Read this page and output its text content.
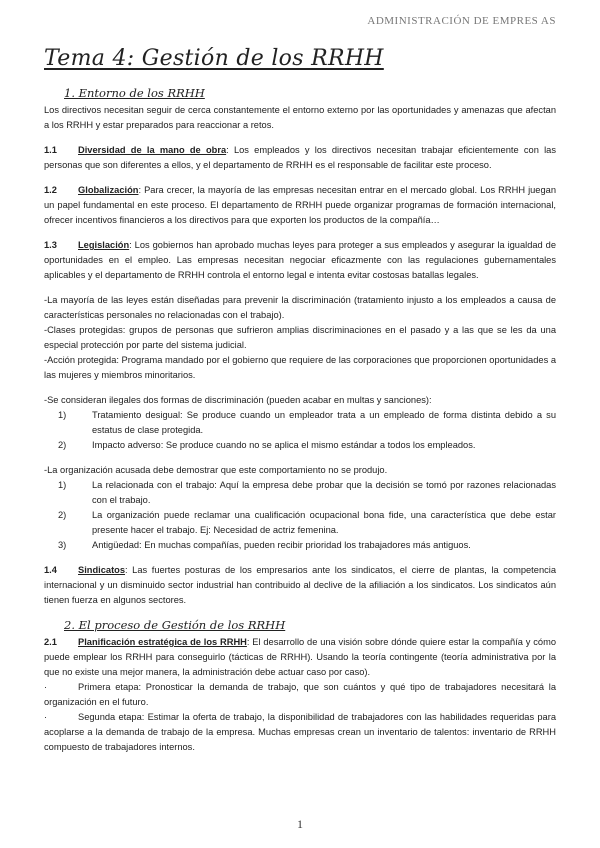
ADMINISTRACIÓN DE EMPRES AS
Tema 4: Gestión de los RRHH
1. Entorno de los RRHH

Los directivos necesitan seguir de cerca constantemente el entorno externo por las oportunidades y amenazas que afectan a los RRHH y estar preparados para reaccionar a retos.

1.1 Diversidad de la mano de obra: Los empleados y los directivos necesitan trabajar eficientemente con las personas que son diferentes a ellos, y el departamento de RRHH es el responsable de facilitar este proceso.

1.2 Globalización: Para crecer, la mayoría de las empresas necesitan entrar en el mercado global. Los RRHH juegan un papel fundamental en este proceso. El departamento de RRHH puede organizar programas de formación internacional, ofrecer incentivos financieros a los directivos para que exporten los productos de la compañía…

1.3 Legislación: Los gobiernos han aprobado muchas leyes para proteger a sus empleados y asegurar la igualdad de oportunidades en el empleo. Las empresas necesitan negociar eficazmente con las regulaciones gubernamentales aplicables y el departamento de RRHH controla el entorno legal e intenta evitar costosas batallas legales.

-La mayoría de las leyes están diseñadas para prevenir la discriminación (tratamiento injusto a los empleados a causa de características personales no relacionadas con el trabajo).

-Clases protegidas: grupos de personas que sufrieron amplias discriminaciones en el pasado y a las que se les da una especial protección por parte del sistema judicial.

-Acción protegida: Programa mandado por el gobierno que requiere de las corporaciones que proporcionen oportunidades a las mujeres y miembros minoritarios.

-Se consideran ilegales dos formas de discriminación (pueden acabar en multas y sanciones):

1)	Tratamiento desigual: Se produce cuando un empleador trata a un empleado de forma distinta debido a su estatus de clase protegida.
2)	Impacto adverso: Se produce cuando no se aplica el mismo estándar a todos los empleados.

-La organización acusada debe demostrar que este comportamiento no se produjo.

1)	La relacionada con el trabajo: Aquí la empresa debe probar que la decisión se tomó por razones relacionadas con el trabajo.
2)	La organización puede reclamar una cualificación ocupacional bona fide, una característica que debe estar presente hacer el trabajo. Ej: Necesidad de actriz femenina.
3)	Antigüedad: En muchas compañías, pueden recibir prioridad los trabajadores más antiguos.

1.4 Sindicatos: Las fuertes posturas de los empresarios ante los sindicatos, el cierre de plantas, la competencia internacional y un disminuido sector industrial han contribuido al declive de la afiliación a los sindicatos. Los sindicatos aún tienen fuerza en algunos sectores.

2. El proceso de Gestión de los RRHH

2.1 Planificación estratégica de los RRHH: El desarrollo de una visión sobre dónde quiere estar la compañía y cómo puede emplear los RRHH para conseguirlo (tácticas de RRHH). Usando la teoría contingente (teoría administrativa por la que no existe una mejor manera, la administración debe actuar caso por caso).

·	Primera etapa: Pronosticar la demanda de trabajo, que son cuántos y qué tipo de trabajadores necesitará la organización en el futuro.

·	Segunda etapa: Estimar la oferta de trabajo, la disponibilidad de trabajadores con las habilidades requeridas para acoplarse a la demanda de trabajo de la empresa. Muchas empresas crean un inventario de talentos: inventario de RRHH compuesto de trabajadores internos.

1
